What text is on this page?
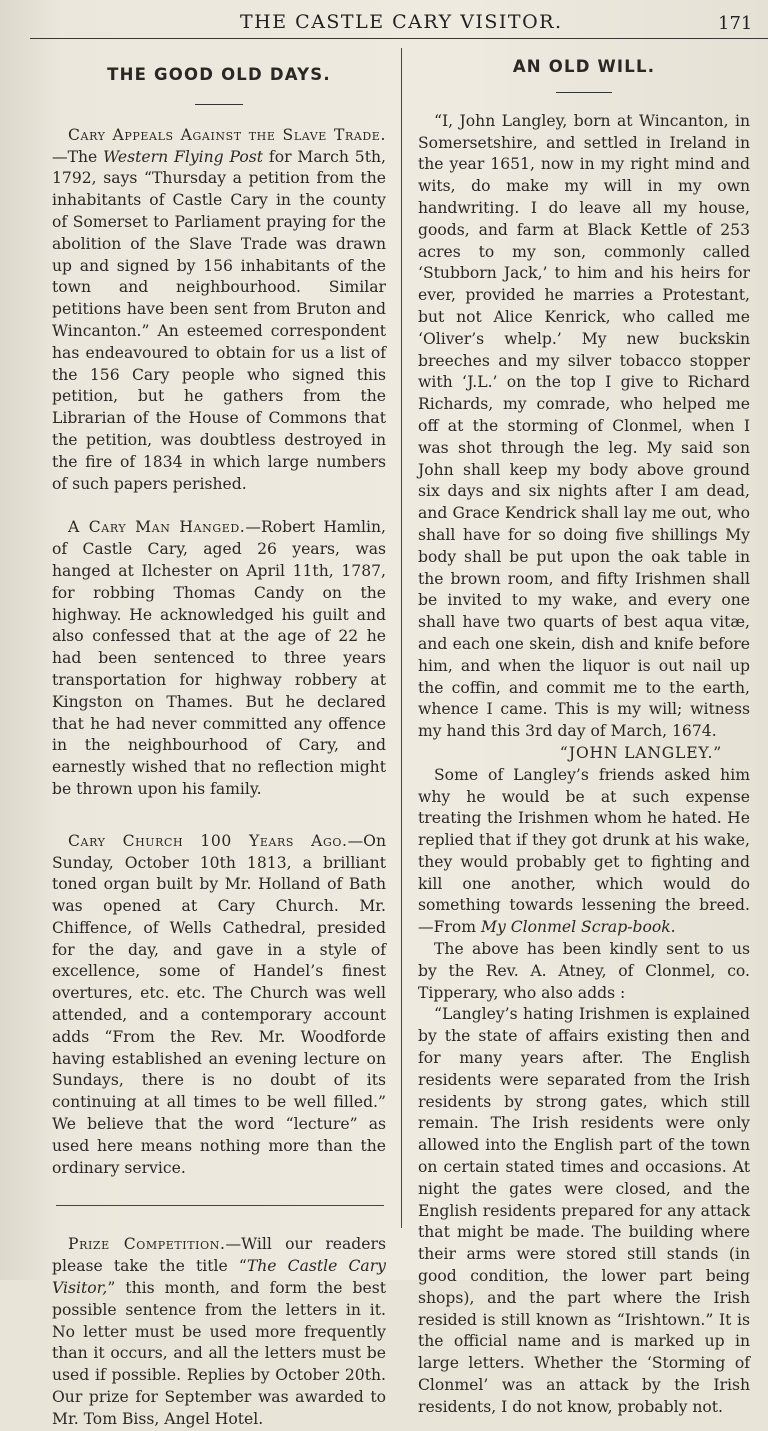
THE CASTLE CARY VISITOR.	171
THE GOOD OLD DAYS.

Cary Appeals Against the Slave Trade.—The Western Flying Post for March 5th, 1792, says “Thursday a petition from the inhabitants of Castle Cary in the county of Somerset to Parliament praying for the abolition of the Slave Trade was drawn up and signed by 156 inhabitants of the town and neighbourhood. Similar petitions have been sent from Bruton and Wincanton.” An esteemed correspondent has endeavoured to obtain for us a list of the 156 Cary people who signed this petition, but he gathers from the Librarian of the House of Commons that the petition, was doubtless destroyed in the fire of 1834 in which large numbers of such papers perished.

A Cary Man Hanged.—Robert Hamlin, of Castle Cary, aged 26 years, was hanged at Ilchester on April 11th, 1787, for robbing Thomas Candy on the highway. He acknowledged his guilt and also confessed that at the age of 22 he had been sentenced to three years transportation for highway robbery at Kingston on Thames. But he declared that he had never committed any offence in the neighbourhood of Cary, and earnestly wished that no reflection might be thrown upon his family.

Cary Church 100 Years Ago.—On Sunday, October 10th 1813, a brilliant toned organ built by Mr. Holland of Bath was opened at Cary Church. Mr. Chiffence, of Wells Cathedral, presided for the day, and gave in a style of excellence, some of Handel’s finest overtures, etc. etc. The Church was well attended, and a contemporary account adds “From the Rev. Mr. Woodforde having established an evening lecture on Sundays, there is no doubt of its continuing at all times to be well filled.” We believe that the word “lecture” as used here means nothing more than the ordinary service.

Prize Competition.—Will our readers please take the title “The Castle Cary Visitor,” this month, and form the best possible sentence from the letters in it. No letter must be used more frequently than it occurs, and all the letters must be used if possible. Replies by October 20th. Our prize for September was awarded to Mr. Tom Biss, Angel Hotel.

AN OLD WILL.

“I, John Langley, born at Wincanton, in Somersetshire, and settled in Ireland in the year 1651, now in my right mind and wits, do make my will in my own handwriting. I do leave all my house, goods, and farm at Black Kettle of 253 acres to my son, commonly called ‘Stubborn Jack,’ to him and his heirs for ever, provided he marries a Protestant, but not Alice Kenrick, who called me ‘Oliver’s whelp.’ My new buckskin breeches and my silver tobacco stopper with ‘J.L.’ on the top I give to Richard Richards, my comrade, who helped me off at the storming of Clonmel, when I was shot through the leg. My said son John shall keep my body above ground six days and six nights after I am dead, and Grace Kendrick shall lay me out, who shall have for so doing five shillings My body shall be put upon the oak table in the brown room, and fifty Irishmen shall be invited to my wake, and every one shall have two quarts of best aqua vitæ, and each one skein, dish and knife before him, and when the liquor is out nail up the coffin, and commit me to the earth, whence I came. This is my will; witness my hand this 3rd day of March, 1674.

“JOHN LANGLEY.”

Some of Langley’s friends asked him why he would be at such expense treating the Irishmen whom he hated. He replied that if they got drunk at his wake, they would probably get to fighting and kill one another, which would do something towards lessening the breed.—From My Clonmel Scrap-book.

The above has been kindly sent to us by the Rev. A. Atney, of Clonmel, co. Tipperary, who also adds :

“Langley’s hating Irishmen is explained by the state of affairs existing then and for many years after. The English residents were separated from the Irish residents by strong gates, which still remain. The Irish residents were only allowed into the English part of the town on certain stated times and occasions. At night the gates were closed, and the English residents prepared for any attack that might be made. The building where their arms were stored still stands (in good condition, the lower part being shops), and the part where the Irish resided is still known as “Irishtown.” It is the official name and is marked up in large letters. Whether the ‘Storming of Clonmel’ was an attack by the Irish residents, I do not know, probably not.
